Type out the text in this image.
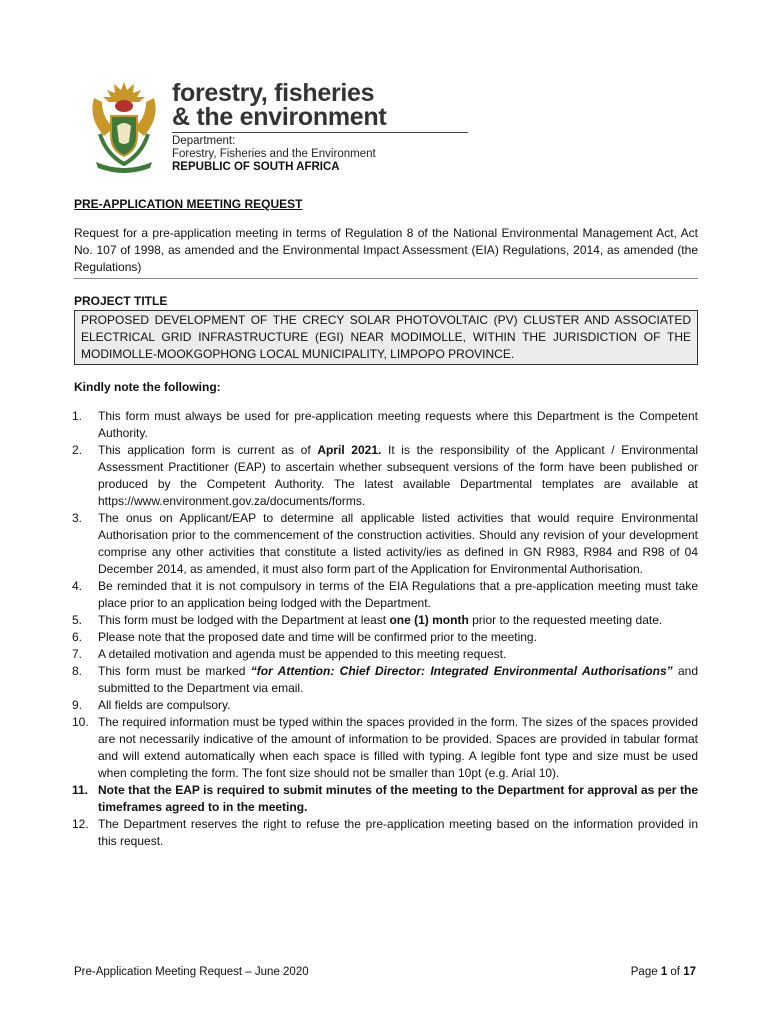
forestry, fisheries
& the environment
Department:
Forestry, Fisheries and the Environment
REPUBLIC OF SOUTH AFRICA
PRE-APPLICATION MEETING REQUEST

Request for a pre-application meeting in terms of Regulation 8 of the National Environmental Management Act, Act No. 107 of 1998, as amended and the Environmental Impact Assessment (EIA) Regulations, 2014, as amended (the Regulations)

PROJECT TITLE
PROPOSED DEVELOPMENT OF THE CRECY SOLAR PHOTOVOLTAIC (PV) CLUSTER AND ASSOCIATED ELECTRICAL GRID INFRASTRUCTURE (EGI) NEAR MODIMOLLE, WITHIN THE JURISDICTION OF THE MODIMOLLE-MOOKGOPHONG LOCAL MUNICIPALITY, LIMPOPO PROVINCE.
Kindly note the following:
1. This form must always be used for pre-application meeting requests where this Department is the Competent Authority.
2. This application form is current as of April 2021. It is the responsibility of the Applicant / Environmental Assessment Practitioner (EAP) to ascertain whether subsequent versions of the form have been published or produced by the Competent Authority. The latest available Departmental templates are available at https://www.environment.gov.za/documents/forms.
3. The onus on Applicant/EAP to determine all applicable listed activities that would require Environmental Authorisation prior to the commencement of the construction activities. Should any revision of your development comprise any other activities that constitute a listed activity/ies as defined in GN R983, R984 and R98 of 04 December 2014, as amended, it must also form part of the Application for Environmental Authorisation.
4. Be reminded that it is not compulsory in terms of the EIA Regulations that a pre-application meeting must take place prior to an application being lodged with the Department.
5. This form must be lodged with the Department at least one (1) month prior to the requested meeting date.
6. Please note that the proposed date and time will be confirmed prior to the meeting.
7. A detailed motivation and agenda must be appended to this meeting request.
8. This form must be marked “for Attention: Chief Director: Integrated Environmental Authorisations” and submitted to the Department via email.
9. All fields are compulsory.
10. The required information must be typed within the spaces provided in the form. The sizes of the spaces provided are not necessarily indicative of the amount of information to be provided. Spaces are provided in tabular format and will extend automatically when each space is filled with typing. A legible font type and size must be used when completing the form. The font size should not be smaller than 10pt (e.g. Arial 10).
11. Note that the EAP is required to submit minutes of the meeting to the Department for approval as per the timeframes agreed to in the meeting.
12. The Department reserves the right to refuse the pre-application meeting based on the information provided in this request.
Pre-Application Meeting Request – June 2020	Page 1 of 17
